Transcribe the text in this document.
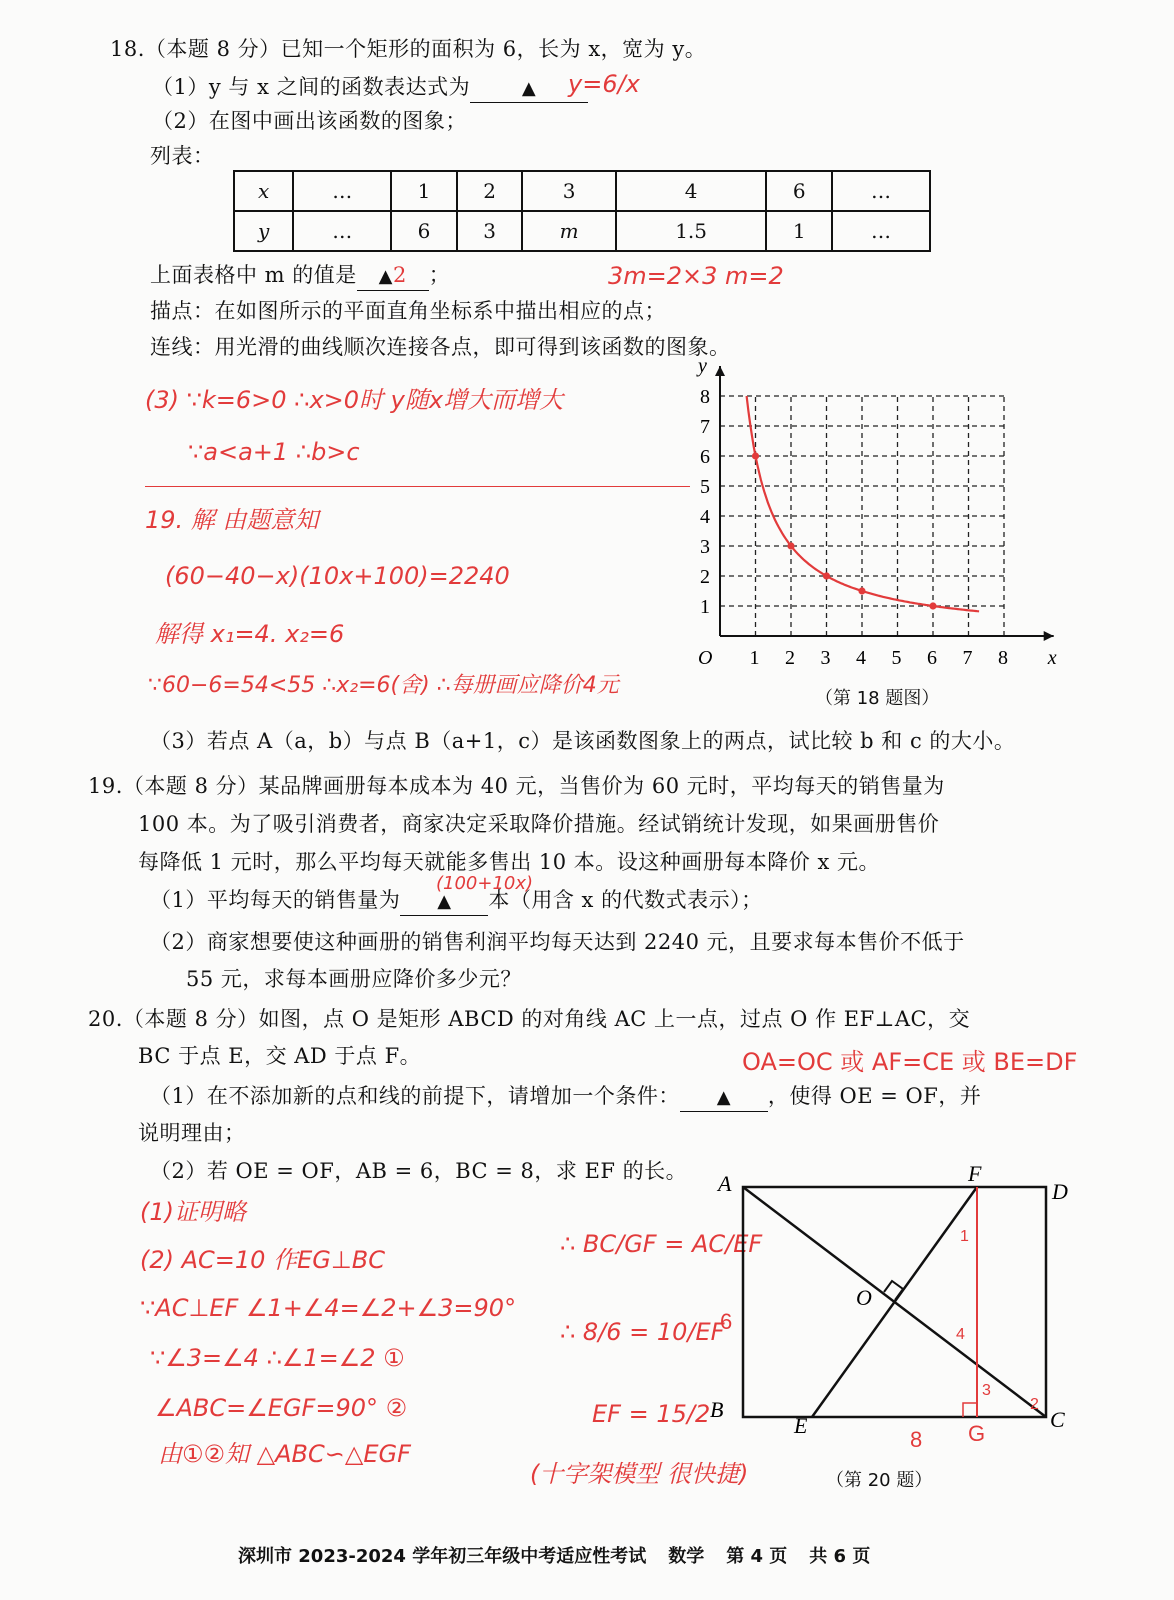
18.（本题 8 分）已知一个矩形的面积为 6，长为 x，宽为 y。
（1）y 与 x 之间的函数表达式为	▲	y=6/x
（2）在图中画出该函数的图象；
列表：
x	…	1	2	3	4	6	…
y	…	6	3	m	1.5	1	…
上面表格中 m 的值是 ▲2 ；	3m=2×3 m=2
描点：在如图所示的平面直角坐标系中描出相应的点；
连线：用光滑的曲线顺次连接各点，即可得到该函数的图象。
(3) ∵k=6>0 ∴x>0时 y随x增大而增大
∵a<a+1 ∴b>c
19. 解 由题意知
(60−40−x)(10x+100)=2240
解得 x₁=4. x₂=6
∵60−6=54<55 ∴x₂=6(舍) ∴每册画应降价4元
8
7
6
5
4
3
2
1
1 2 3 4 5 6 7 8
O	x
y
（第 18 题图）
（3）若点 A（a，b）与点 B（a+1，c）是该函数图象上的两点，试比较 b 和 c 的大小。
19.（本题 8 分）某品牌画册每本成本为 40 元，当售价为 60 元时，平均每天的销售量为
100 本。为了吸引消费者，商家决定采取降价措施。经试销统计发现，如果画册售价
每降低 1 元时，那么平均每天就能多售出 10 本。设这种画册每本降价 x 元。
（1）平均每天的销售量为 ▲ 本（用含 x 的代数式表示）；
(100+10x)
（2）商家想要使这种画册的销售利润平均每天达到 2240 元，且要求每本售价不低于
55 元，求每本画册应降价多少元？
20.（本题 8 分）如图，点 O 是矩形 ABCD 的对角线 AC 上一点，过点 O 作 EF⊥AC，交
BC 于点 E，交 AD 于点 F。	OA=OC 或 AF=CE 或 BE=DF
（1）在不添加新的点和线的前提下，请增加一个条件： ▲ ，使得 OE = OF，并
说明理由；
（2）若 OE = OF，AB = 6，BC = 8，求 EF 的长。
(1)证明略
(2) AC=10 作EG⊥BC
∵AC⊥EF ∠1+∠4=∠2+∠3=90°
∵∠3=∠4 ∴∠1=∠2 ①
∠ABC=∠EGF=90° ②
由①②知 △ABC∽△EGF
∴ BC/GF = AC/EF
∴ 8/6 = 10/EF
EF = 15/2
(十字架模型 很快捷)
A	D
F
B	C
E
O
G
6
8
1
2
3
4
（第 20 题）
深圳市 2023-2024 学年初三年级中考适应性考试 数学 第 4 页 共 6 页
